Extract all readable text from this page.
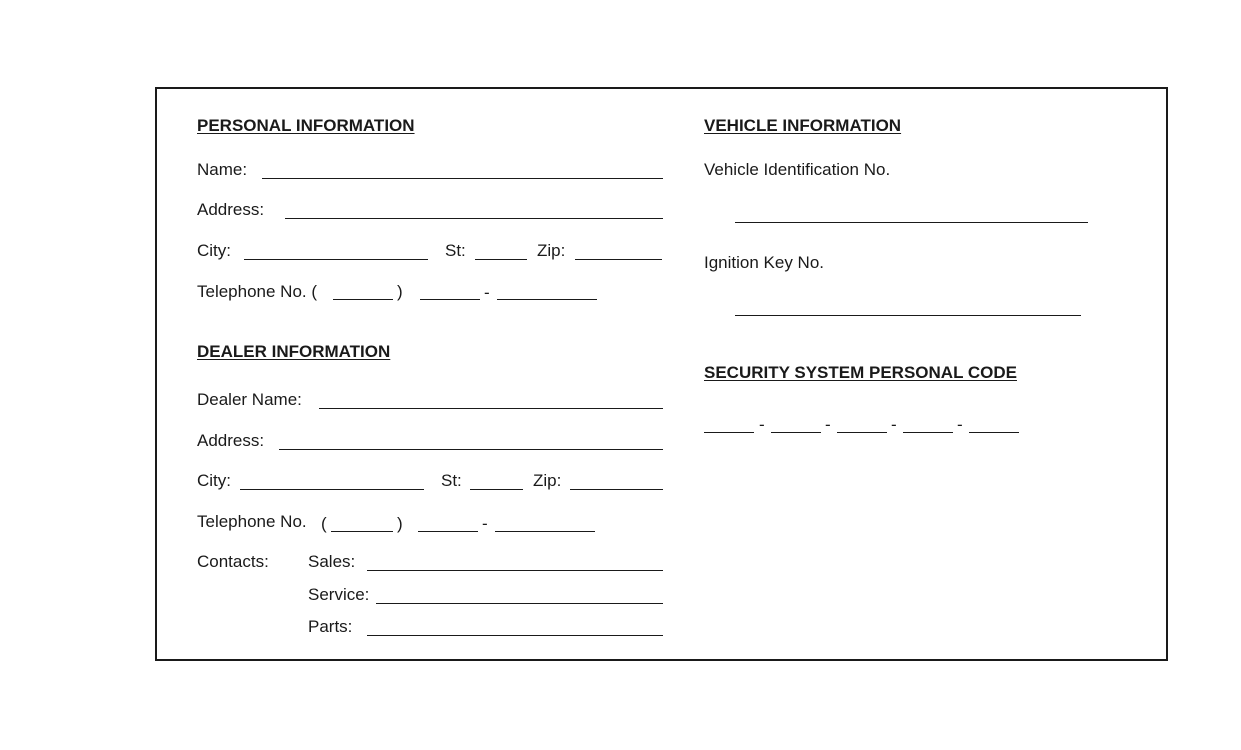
PERSONAL INFORMATION
Name:
Address:
City:	St:	Zip:
Telephone No. (	)	-
DEALER INFORMATION
Dealer Name:
Address:
City:	St:	Zip:
Telephone No. (	)	-
Contacts: Sales:
Service:
Parts:
VEHICLE INFORMATION
Vehicle Identification No.
Ignition Key No.
SECURITY SYSTEM PERSONAL CODE
-	-	-	-
